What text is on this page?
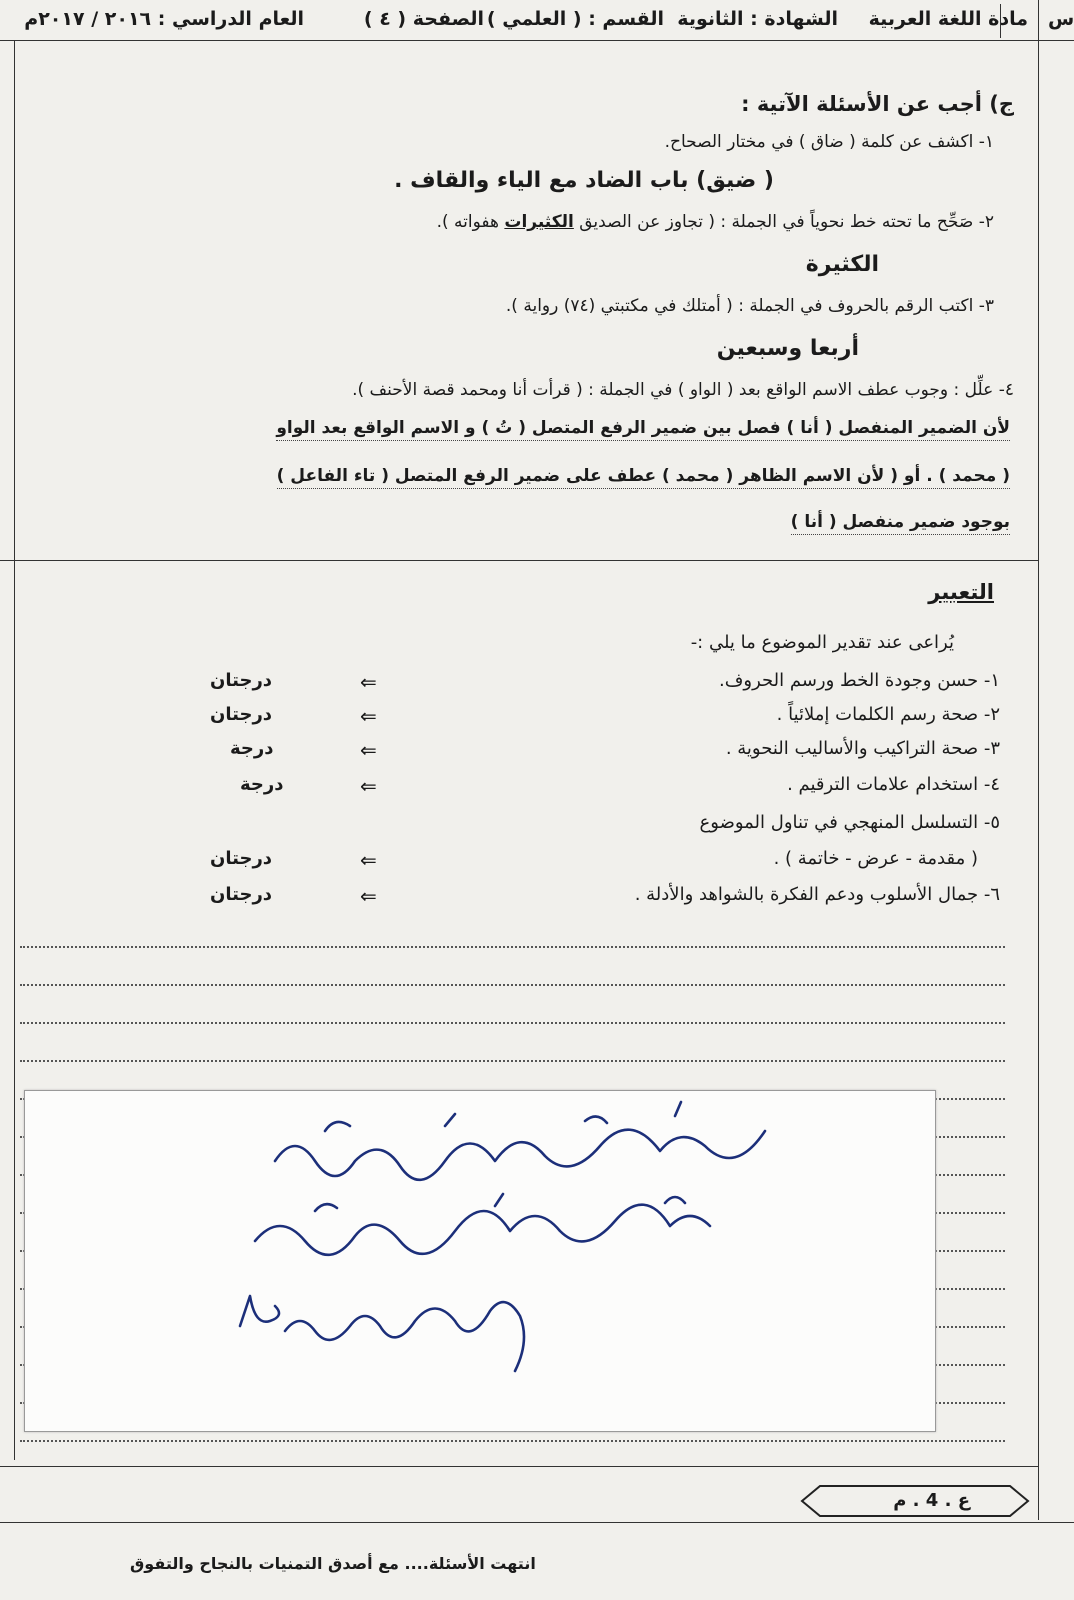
مادة اللغة العربية
الشهادة : الثانوية
القسم : ( العلمي )
الصفحة ( ٤ )
العام الدراسي : ٢٠١٦ / ٢٠١٧م	س
ج) أجب عن الأسئلة الآتية :
١- اكشف عن كلمة ( ضاق ) في مختار الصحاح.
( ضيق) باب الضاد مع الياء والقاف .
٢- صَحِّح ما تحته خط نحوياً في الجملة : ( تجاوز عن الصديق الكثيرات هفواته ).
الكثيرة
٣- اكتب الرقم بالحروف في الجملة : ( أمتلك في مكتبتي (٧٤) رواية ).
أربعا وسبعين
٤- علِّل : وجوب عطف الاسم الواقع بعد ( الواو ) في الجملة : ( قرأت أنا ومحمد قصة الأحنف ).
لأن الضمير المنفصل ( أنا ) فصل بين ضمير الرفع المتصل ( تُ ) و الاسم الواقع بعد الواو
( محمد ) . أو ( لأن الاسم الظاهر ( محمد ) عطف على ضمير الرفع المتصل ( تاء الفاعل )
بوجود ضمير منفصل ( أنا )
التعبير
يُراعى عند تقدير الموضوع ما يلي :-
١- حسن وجودة الخط ورسم الحروف.
⇐
درجتان
٢- صحة رسم الكلمات إملائياً .
⇐
درجتان
٣- صحة التراكيب والأساليب النحوية .
⇐
درجة
٤- استخدام علامات الترقيم .
⇐
درجة
٥- التسلسل المنهجي في تناول الموضوع
( مقدمة - عرض - خاتمة ) .
⇐
درجتان
٦- جمال الأسلوب ودعم الفكرة بالشواهد والأدلة .
⇐
درجتان
ع . 4 . م
انتهت الأسئلة.... مع أصدق التمنيات بالنجاح والتفوق
